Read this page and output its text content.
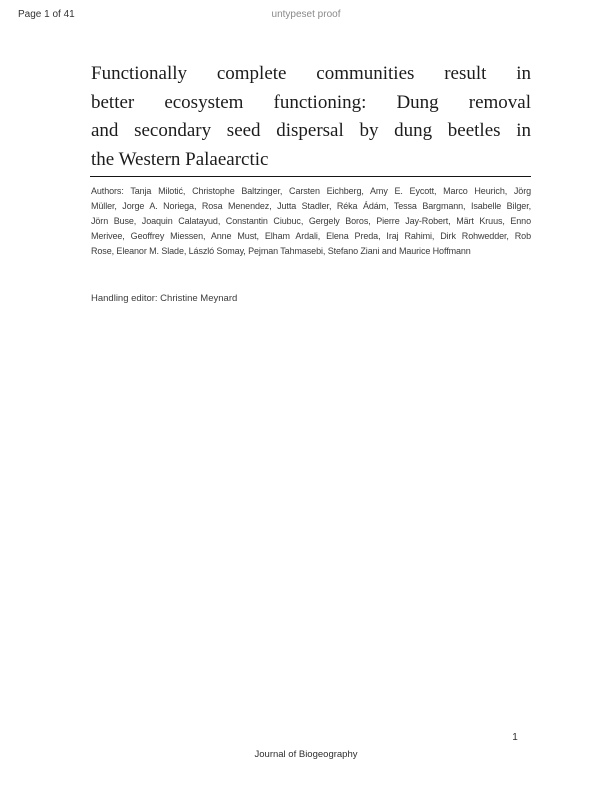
Page 1 of 41	untypeset proof
Functionally complete communities result in
better ecosystem functioning: Dung removal
and secondary seed dispersal by dung beetles in
the Western Palaearctic
Authors: Tanja Milotić, Christophe Baltzinger, Carsten Eichberg, Amy E. Eycott, Marco Heurich, Jörg
Müller, Jorge A. Noriega, Rosa Menendez, Jutta Stadler, Réka Ádám, Tessa Bargmann, Isabelle Bilger,
Jörn Buse, Joaquin Calatayud, Constantin Ciubuc, Gergely Boros, Pierre Jay-Robert, Märt Kruus, Enno
Merivee, Geoffrey Miessen, Anne Must, Elham Ardali, Elena Preda, Iraj Rahimi, Dirk Rohwedder, Rob
Rose, Eleanor M. Slade, László Somay, Pejman Tahmasebi, Stefano Ziani and Maurice Hoffmann
Handling editor: Christine Meynard
1
Journal of Biogeography
